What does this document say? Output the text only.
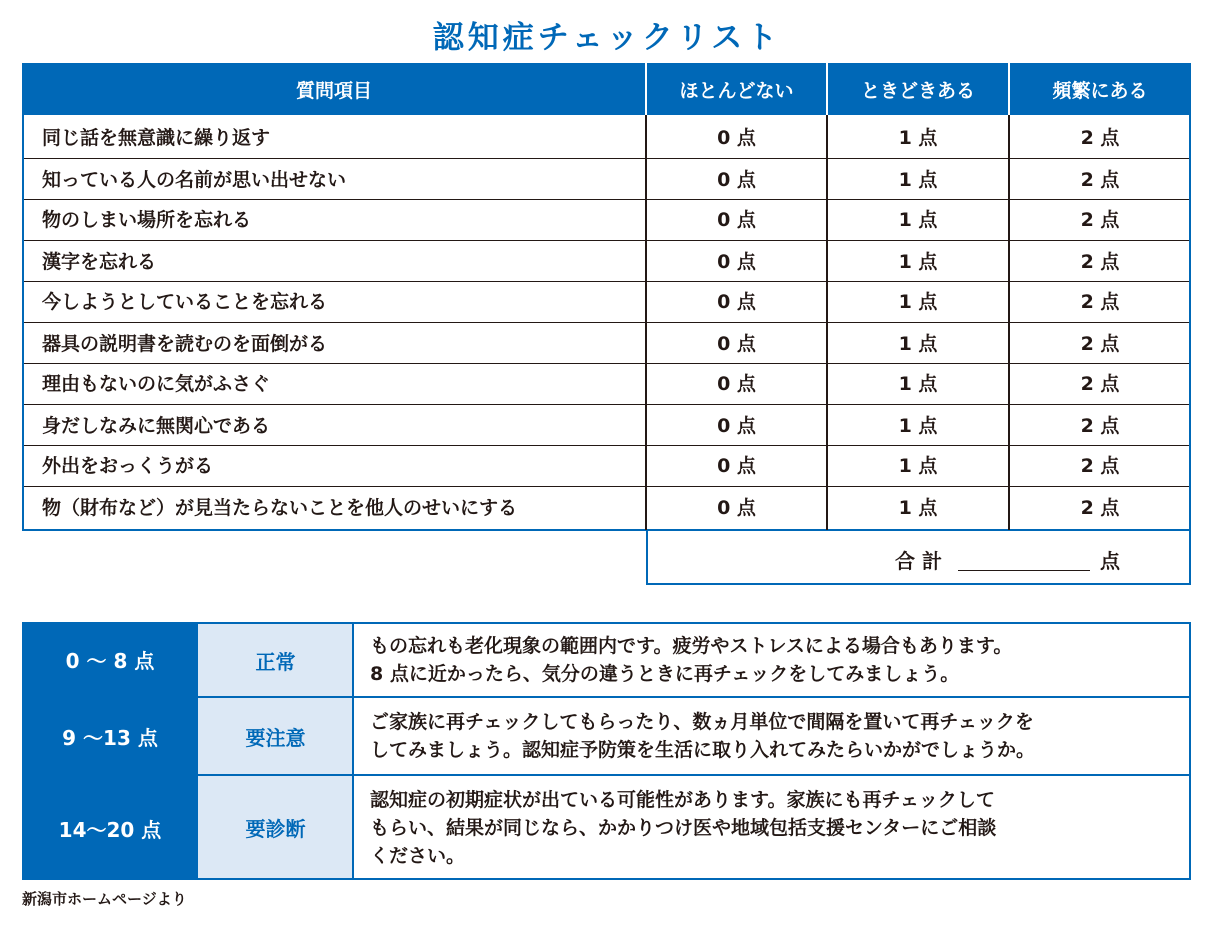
認知症チェックリスト
質問項目	ほとんどない	ときどきある	頻繁にある
同じ話を無意識に繰り返す	0 点	1 点	2 点
知っている人の名前が思い出せない	0 点	1 点	2 点
物のしまい場所を忘れる	0 点	1 点	2 点
漢字を忘れる	0 点	1 点	2 点
今しようとしていることを忘れる	0 点	1 点	2 点
器具の説明書を読むのを面倒がる	0 点	1 点	2 点
理由もないのに気がふさぐ	0 点	1 点	2 点
身だしなみに無関心である	0 点	1 点	2 点
外出をおっくうがる	0 点	1 点	2 点
物（財布など）が見当たらないことを他人のせいにする	0 点	1 点	2 点
合 計	点
0 ～ 8 点	正常
もの忘れも老化現象の範囲内です。疲労やストレスによる場合もあります。
8 点に近かったら、気分の違うときに再チェックをしてみましょう。
9 ～13 点	要注意
ご家族に再チェックしてもらったり、数ヵ月単位で間隔を置いて再チェックを
してみましょう。認知症予防策を生活に取り入れてみたらいかがでしょうか。
14～20 点	要診断
認知症の初期症状が出ている可能性があります。家族にも再チェックして
もらい、結果が同じなら、かかりつけ医や地域包括支援センターにご相談
ください。
新潟市ホームページより
